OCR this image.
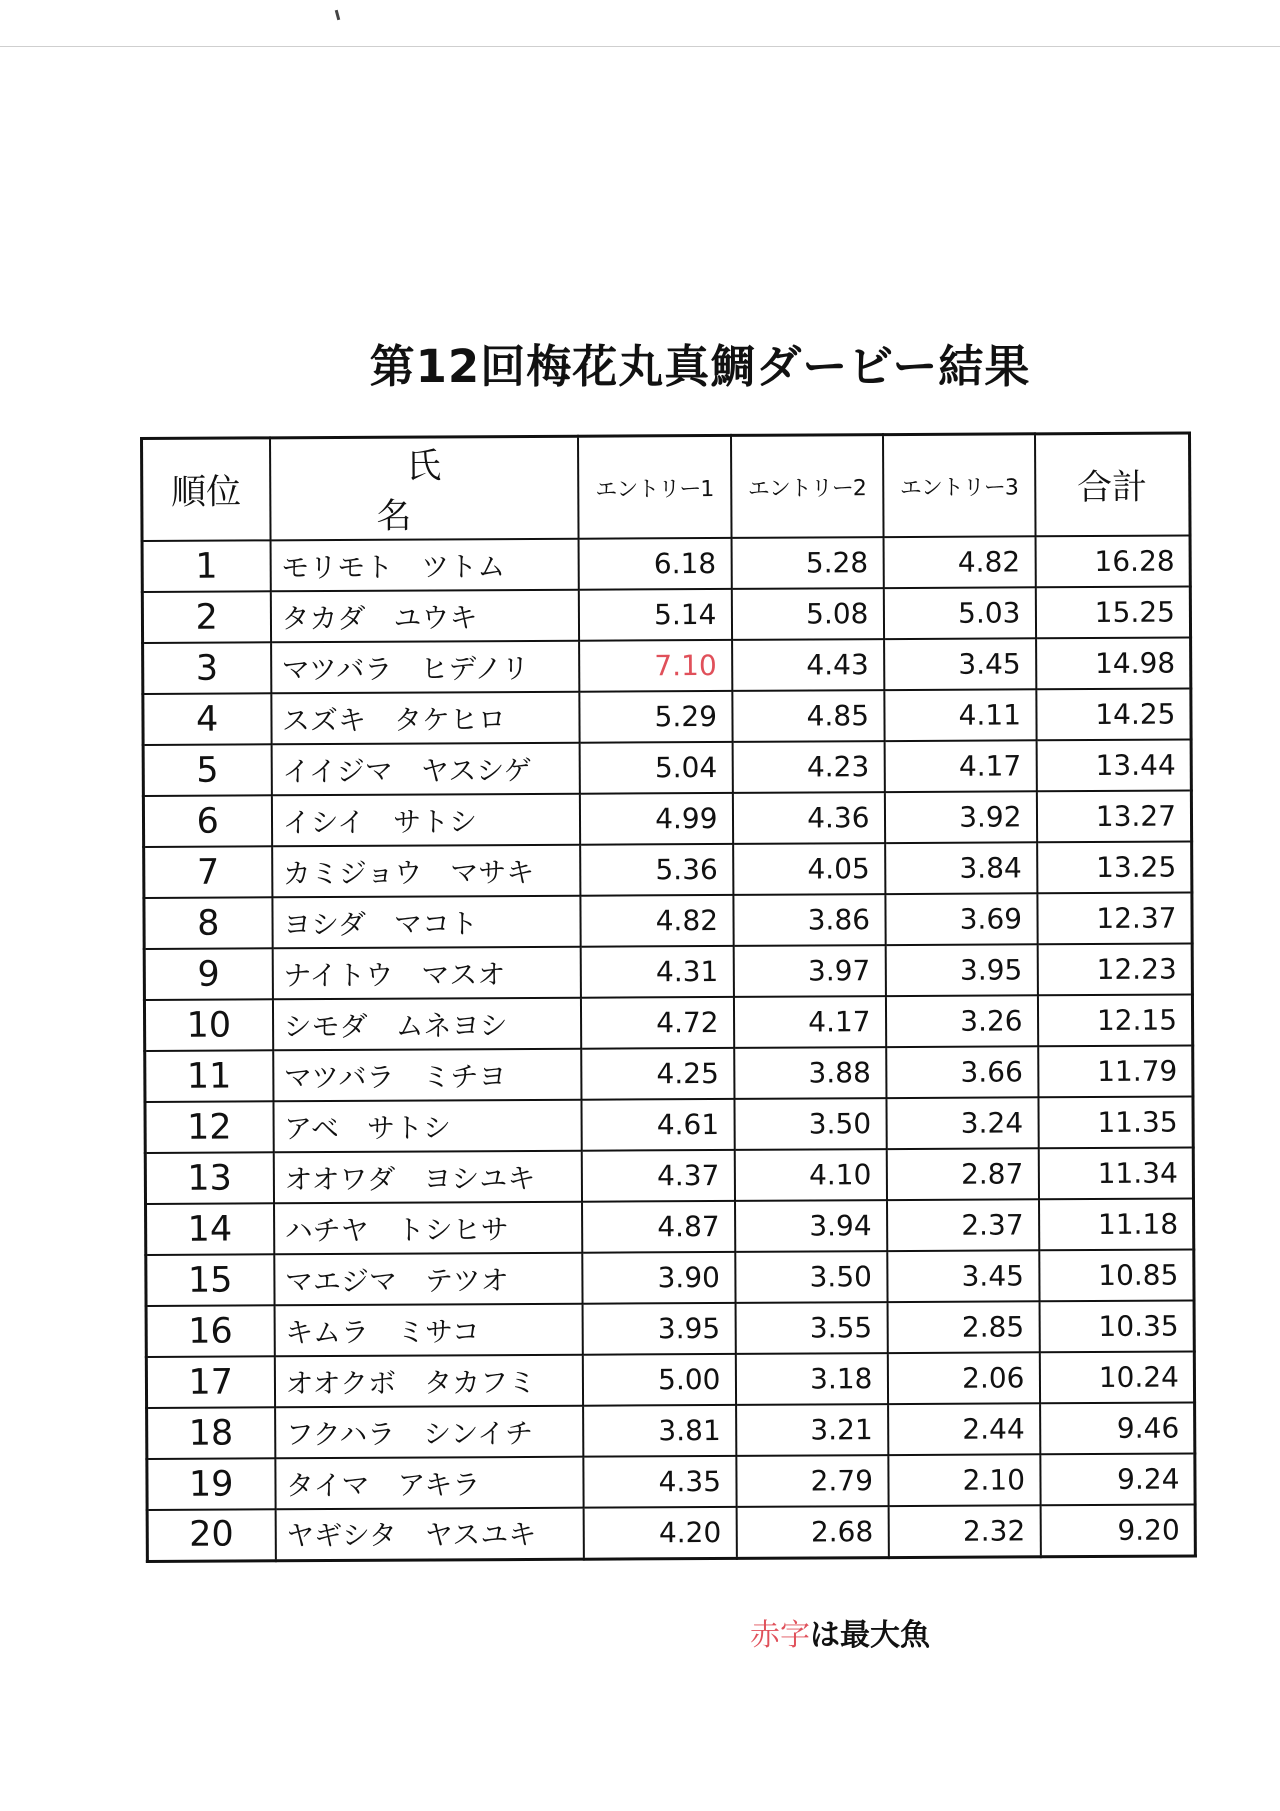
第12回梅花丸真鯛ダービー結果
順位	氏　名	エントリー1	エントリー2	エントリー3	合計
1	モリモト　ツトム	6.18	5.28	4.82	16.28
2	タカダ　ユウキ	5.14	5.08	5.03	15.25
3	マツバラ　ヒデノリ	7.10	4.43	3.45	14.98
4	スズキ　タケヒロ	5.29	4.85	4.11	14.25
5	イイジマ　ヤスシゲ	5.04	4.23	4.17	13.44
6	イシイ　サトシ	4.99	4.36	3.92	13.27
7	カミジョウ　マサキ	5.36	4.05	3.84	13.25
8	ヨシダ　マコト	4.82	3.86	3.69	12.37
9	ナイトウ　マスオ	4.31	3.97	3.95	12.23
10	シモダ　ムネヨシ	4.72	4.17	3.26	12.15
11	マツバラ　ミチヨ	4.25	3.88	3.66	11.79
12	アベ　サトシ	4.61	3.50	3.24	11.35
13	オオワダ　ヨシユキ	4.37	4.10	2.87	11.34
14	ハチヤ　トシヒサ	4.87	3.94	2.37	11.18
15	マエジマ　テツオ	3.90	3.50	3.45	10.85
16	キムラ　ミサコ	3.95	3.55	2.85	10.35
17	オオクボ　タカフミ	5.00	3.18	2.06	10.24
18	フクハラ　シンイチ	3.81	3.21	2.44	9.46
19	タイマ　アキラ	4.35	2.79	2.10	9.24
20	ヤギシタ　ヤスユキ	4.20	2.68	2.32	9.20
赤字は最大魚
